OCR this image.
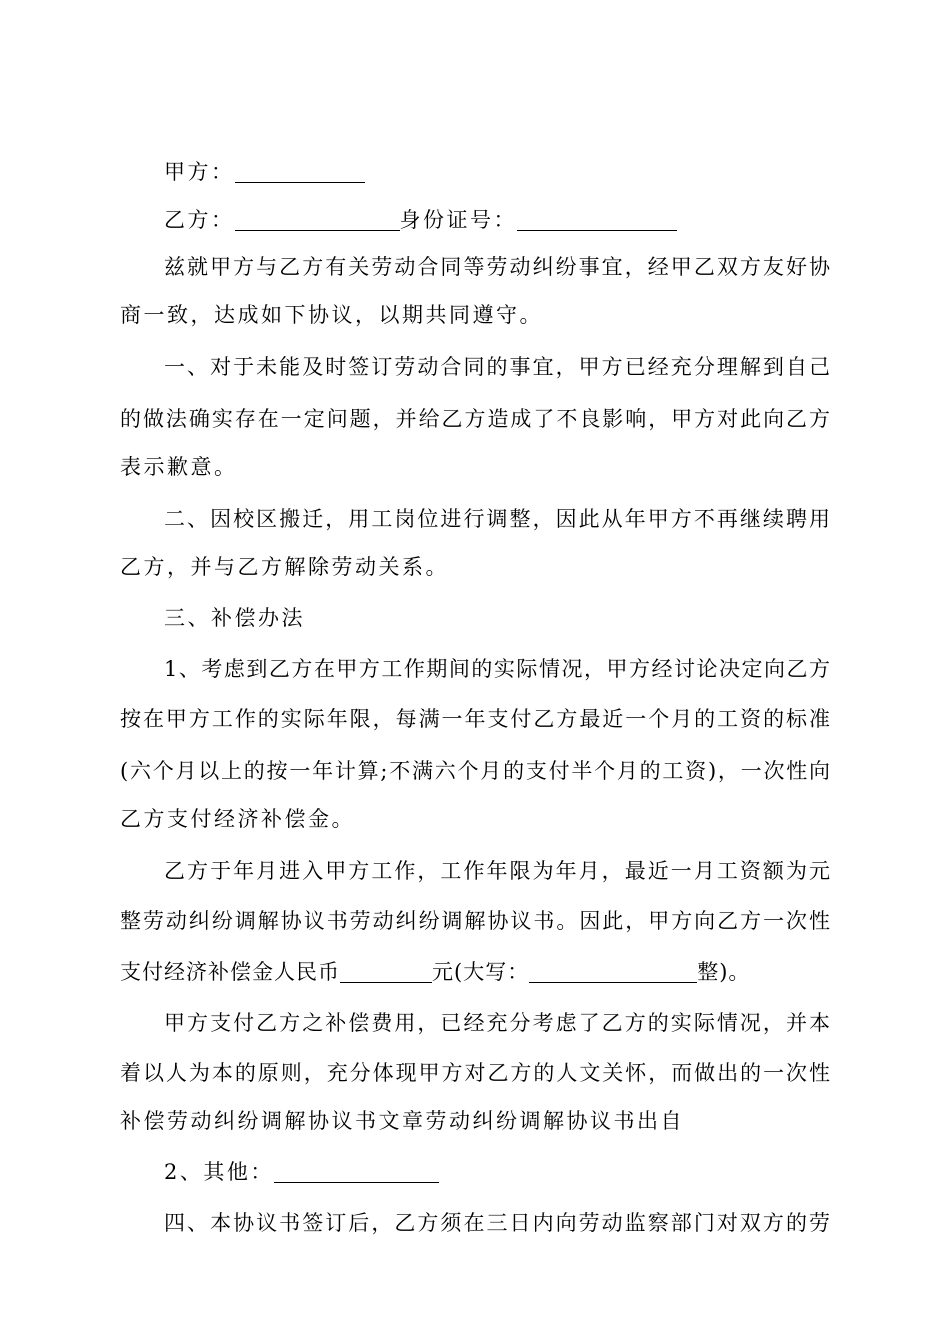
甲方：
乙方：	身份证号：
兹就甲方与乙方有关劳动合同等劳动纠纷事宜，经甲乙双方友好协
商一致，达成如下协议，以期共同遵守。
一、对于未能及时签订劳动合同的事宜，甲方已经充分理解到自己
的做法确实存在一定问题，并给乙方造成了不良影响，甲方对此向乙方
表示歉意。
二、因校区搬迁，用工岗位进行调整，因此从年甲方不再继续聘用
乙方，并与乙方解除劳动关系。
三、补偿办法
1、考虑到乙方在甲方工作期间的实际情况，甲方经讨论决定向乙方
按在甲方工作的实际年限，每满一年支付乙方最近一个月的工资的标准
(六个月以上的按一年计算;不满六个月的支付半个月的工资)，一次性向
乙方支付经济补偿金。
乙方于年月进入甲方工作，工作年限为年月，最近一月工资额为元
整劳动纠纷调解协议书劳动纠纷调解协议书。因此，甲方向乙方一次性
支付经济补偿金人民币	元(大写：	整)。
甲方支付乙方之补偿费用，已经充分考虑了乙方的实际情况，并本
着以人为本的原则，充分体现甲方对乙方的人文关怀，而做出的一次性
补偿劳动纠纷调解协议书文章劳动纠纷调解协议书出自
2、其他：
四、本协议书签订后，乙方须在三日内向劳动监察部门对双方的劳
